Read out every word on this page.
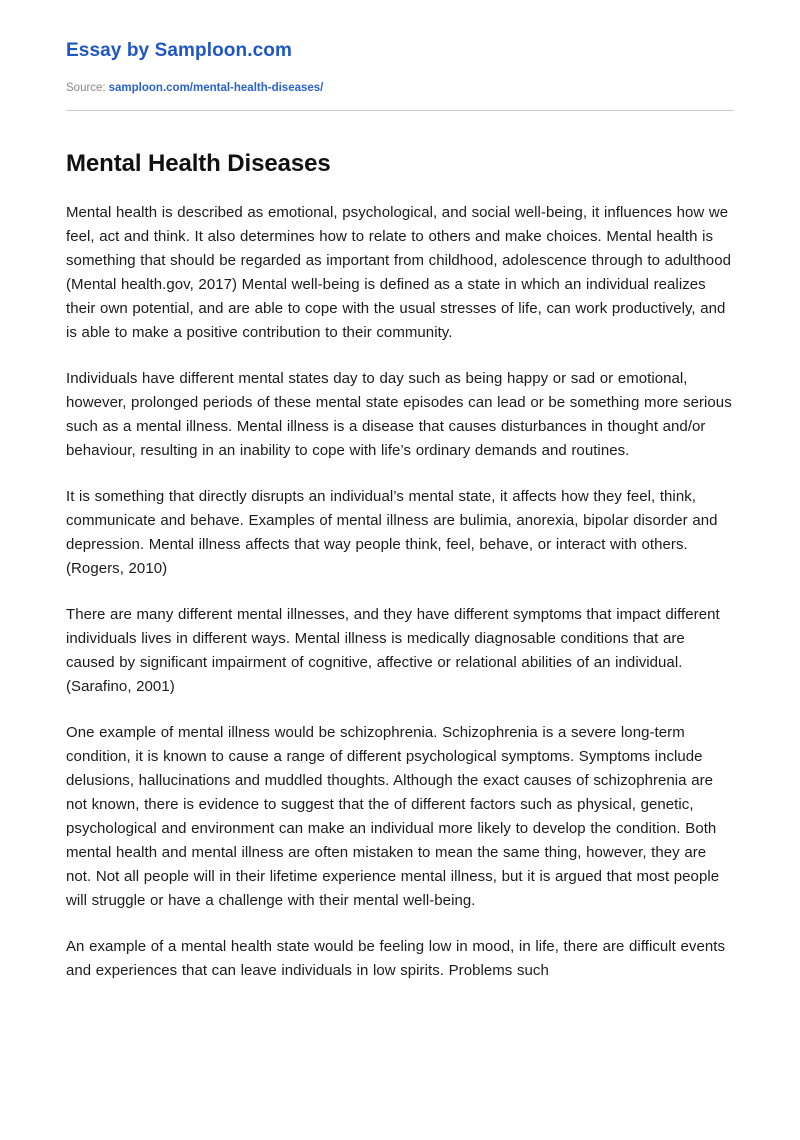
Essay by Samploon.com
Source: samploon.com/mental-health-diseases/
Mental Health Diseases

Mental health is described as emotional, psychological, and social well-being, it influences how we feel, act and think. It also determines how to relate to others and make choices. Mental health is something that should be regarded as important from childhood, adolescence through to adulthood (Mental health.gov, 2017) Mental well-being is defined as a state in which an individual realizes their own potential, and are able to cope with the usual stresses of life, can work productively, and is able to make a positive contribution to their community.

Individuals have different mental states day to day such as being happy or sad or emotional, however, prolonged periods of these mental state episodes can lead or be something more serious such as a mental illness. Mental illness is a disease that causes disturbances in thought and/or behaviour, resulting in an inability to cope with life’s ordinary demands and routines.

It is something that directly disrupts an individual’s mental state, it affects how they feel, think, communicate and behave. Examples of mental illness are bulimia, anorexia, bipolar disorder and depression. Mental illness affects that way people think, feel, behave, or interact with others. (Rogers, 2010)

There are many different mental illnesses, and they have different symptoms that impact different individuals lives in different ways. Mental illness is medically diagnosable conditions that are caused by significant impairment of cognitive, affective or relational abilities of an individual. (Sarafino, 2001)

One example of mental illness would be schizophrenia. Schizophrenia is a severe long-term condition, it is known to cause a range of different psychological symptoms. Symptoms include delusions, hallucinations and muddled thoughts. Although the exact causes of schizophrenia are not known, there is evidence to suggest that the of different factors such as physical, genetic, psychological and environment can make an individual more likely to develop the condition. Both mental health and mental illness are often mistaken to mean the same thing, however, they are not. Not all people will in their lifetime experience mental illness, but it is argued that most people will struggle or have a challenge with their mental well-being.

An example of a mental health state would be feeling low in mood, in life, there are difficult events and experiences that can leave individuals in low spirits. Problems such
